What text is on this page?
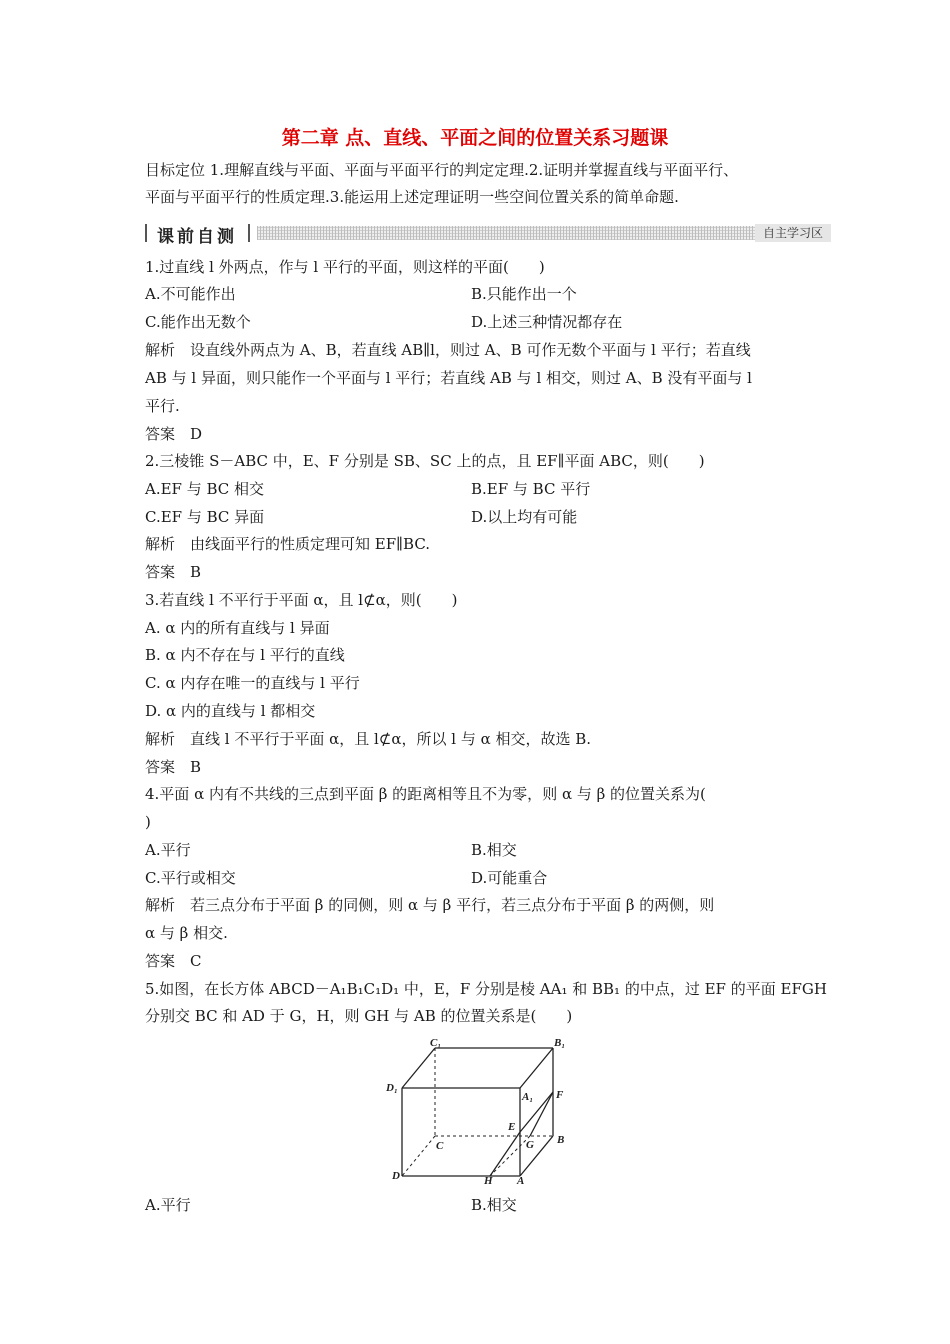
第二章 点、直线、平面之间的位置关系习题课
目标定位 1.理解直线与平面、平面与平面平行的判定定理.2.证明并掌握直线与平面平行、
平面与平面平行的性质定理.3.能运用上述定理证明一些空间位置关系的简单命题.
课前自测	自主学习区
1.过直线 l 外两点，作与 l 平行的平面，则这样的平面(　　)
A.不可能作出	B.只能作出一个
C.能作出无数个	D.上述三种情况都存在
解析　设直线外两点为 A、B，若直线 AB∥l，则过 A、B 可作无数个平面与 l 平行；若直线
AB 与 l 异面，则只能作一个平面与 l 平行；若直线 AB 与 l 相交，则过 A、B 没有平面与 l
平行.
答案　D
2.三棱锥 S－ABC 中，E、F 分别是 SB、SC 上的点，且 EF∥平面 ABC，则(　　)
A.EF 与 BC 相交	B.EF 与 BC 平行
C.EF 与 BC 异面	D.以上均有可能
解析　由线面平行的性质定理可知 EF∥BC.
答案　B
3.若直线 l 不平行于平面 α，且 l⊄α，则(　　)
A. α 内的所有直线与 l 异面
B. α 内不存在与 l 平行的直线
C. α 内存在唯一的直线与 l 平行
D. α 内的直线与 l 都相交
解析　直线 l 不平行于平面 α，且 l⊄α，所以 l 与 α 相交，故选 B.
答案　B
4.平面 α 内有不共线的三点到平面 β 的距离相等且不为零，则 α 与 β 的位置关系为(
)
A.平行	B.相交
C.平行或相交	D.可能重合
解析　若三点分布于平面 β 的同侧，则 α 与 β 平行，若三点分布于平面 β 的两侧，则
α 与 β 相交.
答案　C
5.如图，在长方体 ABCD－A₁B₁C₁D₁ 中，E，F 分别是棱 AA₁ 和 BB₁ 的中点，过 EF 的平面 EFGH
分别交 BC 和 AD 于 G，H，则 GH 与 AB 的位置关系是(　　)
C₁	B₁
D₁
A₁ F
E
G B
C
D	H A
A.平行	B.相交
